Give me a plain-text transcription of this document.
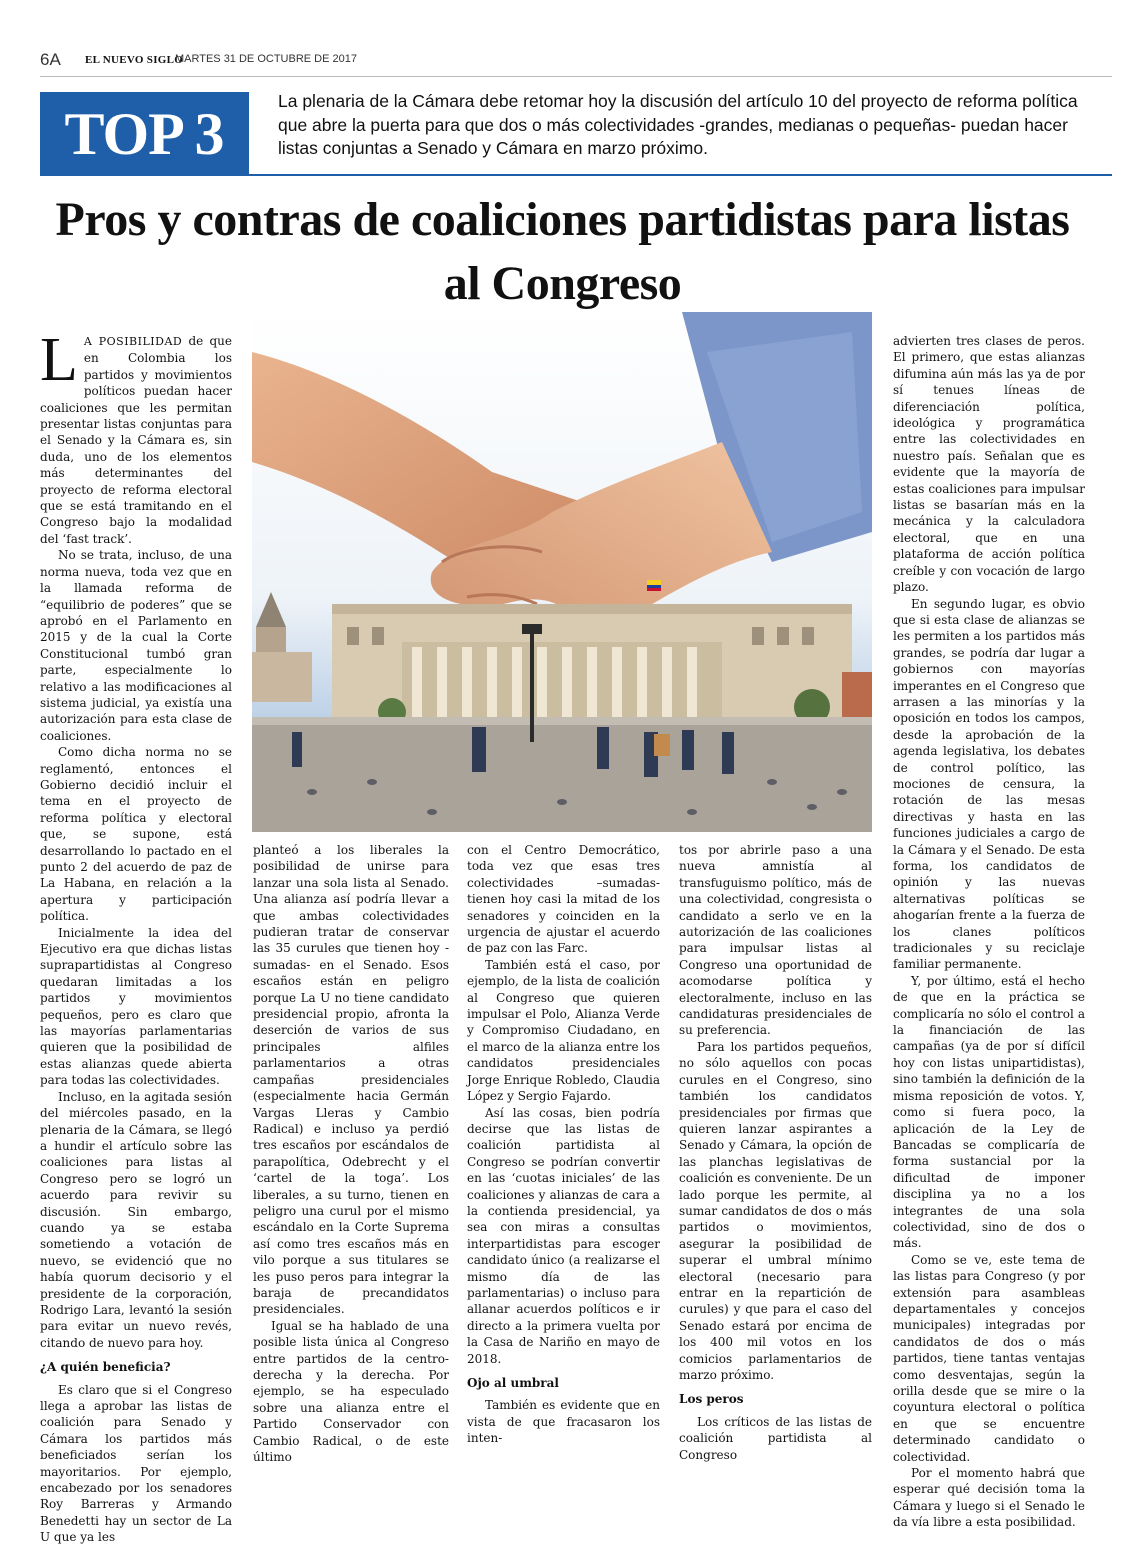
6A EL NUEVO SIGLO
MARTES 31 DE OCTUBRE DE 2017
TOP 3	La plenaria de la Cámara debe retomar hoy la discusión del artículo 10 del proyecto de reforma política que abre la puerta para que dos o más colectividades -grandes, medianas o pequeñas- puedan hacer listas conjuntas a Senado y Cámara en marzo próximo.
Pros y contras de coaliciones partidistas para listas al Congreso

L A POSIBILIDAD de que en Colombia los partidos y movimientos políticos puedan hacer coaliciones que les permitan presentar listas conjuntas para el Senado y la Cámara es, sin duda, uno de los elementos más determinantes del proyecto de reforma electoral que se está tramitando en el Congreso bajo la modalidad del ‘fast track’.

No se trata, incluso, de una norma nueva, toda vez que en la llamada reforma de “equilibrio de poderes” que se aprobó en el Parlamento en 2015 y de la cual la Corte Constitucional tumbó gran parte, especialmente lo relativo a las modificaciones al sistema judicial, ya existía una autorización para esta clase de coaliciones.

Como dicha norma no se reglamentó, entonces el Gobierno decidió incluir el tema en el proyecto de reforma política y electoral que, se supone, está desarrollando lo pactado en el punto 2 del acuerdo de paz de La Habana, en relación a la apertura y participación política.

Inicialmente la idea del Ejecutivo era que dichas listas suprapartidistas al Congreso quedaran limitadas a los partidos y movimientos pequeños, pero es claro que las mayorías parlamentarias quieren que la posibilidad de estas alianzas quede abierta para todas las colectividades.

Incluso, en la agitada sesión del miércoles pasado, en la plenaria de la Cámara, se llegó a hundir el artículo sobre las coaliciones para listas al Congreso pero se logró un acuerdo para revivir su discusión. Sin embargo, cuando ya se estaba sometiendo a votación de nuevo, se evidenció que no había quorum decisorio y el presidente de la corporación, Rodrigo Lara, levantó la sesión para evitar un nuevo revés, citando de nuevo para hoy.

¿A quién beneficia?

Es claro que si el Congreso llega a aprobar las listas de coalición para Senado y Cámara los partidos más beneficiados serían los mayoritarios. Por ejemplo, encabezado por los senadores Roy Barreras y Armando Benedetti hay un sector de La U que ya les

planteó a los liberales la posibilidad de unirse para lanzar una sola lista al Senado. Una alianza así podría llevar a que ambas colectividades pudieran tratar de conservar las 35 curules que tienen hoy -sumadas- en el Senado. Esos escaños están en peligro porque La U no tiene candidato presidencial propio, afronta la deserción de varios de sus principales alfiles parlamentarios a otras campañas presidenciales (especialmente hacia Germán Vargas Lleras y Cambio Radical) e incluso ya perdió tres escaños por escándalos de parapolítica, Odebrecht y el ‘cartel de la toga’. Los liberales, a su turno, tienen en peligro una curul por el mismo escándalo en la Corte Suprema así como tres escaños más en vilo porque a sus titulares se les puso peros para integrar la baraja de precandidatos presidenciales.

Igual se ha hablado de una posible lista única al Congreso entre partidos de la centro-derecha y la derecha. Por ejemplo, se ha especulado sobre una alianza entre el Partido Conservador con Cambio Radical, o de este último

con el Centro Democrático, toda vez que esas tres colectividades –sumadas- tienen hoy casi la mitad de los senadores y coinciden en la urgencia de ajustar el acuerdo de paz con las Farc.

También está el caso, por ejemplo, de la lista de coalición al Congreso que quieren impulsar el Polo, Alianza Verde y Compromiso Ciudadano, en el marco de la alianza entre los candidatos presidenciales Jorge Enrique Robledo, Claudia López y Sergio Fajardo.

Así las cosas, bien podría decirse que las listas de coalición partidista al Congreso se podrían convertir en las ‘cuotas iniciales’ de las coaliciones y alianzas de cara a la contienda presidencial, ya sea con miras a consultas interpartidistas para escoger candidato único (a realizarse el mismo día de las parlamentarias) o incluso para allanar acuerdos políticos e ir directo a la primera vuelta por la Casa de Nariño en mayo de 2018.

Ojo al umbral

También es evidente que en vista de que fracasaron los inten-

tos por abrirle paso a una nueva amnistía al transfuguismo político, más de una colectividad, congresista o candidato a serlo ve en la autorización de las coaliciones para impulsar listas al Congreso una oportunidad de acomodarse política y electoralmente, incluso en las candidaturas presidenciales de su preferencia.

Para los partidos pequeños, no sólo aquellos con pocas curules en el Congreso, sino también los candidatos presidenciales por firmas que quieren lanzar aspirantes a Senado y Cámara, la opción de las planchas legislativas de coalición es conveniente. De un lado porque les permite, al sumar candidatos de dos o más partidos o movimientos, asegurar la posibilidad de superar el umbral mínimo electoral (necesario para entrar en la repartición de curules) y que para el caso del Senado estará por encima de los 400 mil votos en los comicios parlamentarios de marzo próximo.

Los peros

Los críticos de las listas de coalición partidista al Congreso

advierten tres clases de peros. El primero, que estas alianzas difumina aún más las ya de por sí tenues líneas de diferenciación política, ideológica y programática entre las colectividades en nuestro país. Señalan que es evidente que la mayoría de estas coaliciones para impulsar listas se basarían más en la mecánica y la calculadora electoral, que en una plataforma de acción política creíble y con vocación de largo plazo.

En segundo lugar, es obvio que si esta clase de alianzas se les permiten a los partidos más grandes, se podría dar lugar a gobiernos con mayorías imperantes en el Congreso que arrasen a las minorías y la oposición en todos los campos, desde la aprobación de la agenda legislativa, los debates de control político, las mociones de censura, la rotación de las mesas directivas y hasta en las funciones judiciales a cargo de la Cámara y el Senado. De esta forma, los candidatos de opinión y las nuevas alternativas políticas se ahogarían frente a la fuerza de los clanes políticos tradicionales y su reciclaje familiar permanente.

Y, por último, está el hecho de que en la práctica se complicaría no sólo el control a la financiación de las campañas (ya de por sí difícil hoy con listas unipartidistas), sino también la definición de la misma reposición de votos. Y, como si fuera poco, la aplicación de la Ley de Bancadas se complicaría de forma sustancial por la dificultad de imponer disciplina ya no a los integrantes de una sola colectividad, sino de dos o más.

Como se ve, este tema de las listas para Congreso (y por extensión para asambleas departamentales y concejos municipales) integradas por candidatos de dos o más partidos, tiene tantas ventajas como desventajas, según la orilla desde que se mire o la coyuntura electoral o política en que se encuentre determinado candidato o colectividad.

Por el momento habrá que esperar qué decisión toma la Cámara y luego si el Senado le da vía libre a esta posibilidad.
